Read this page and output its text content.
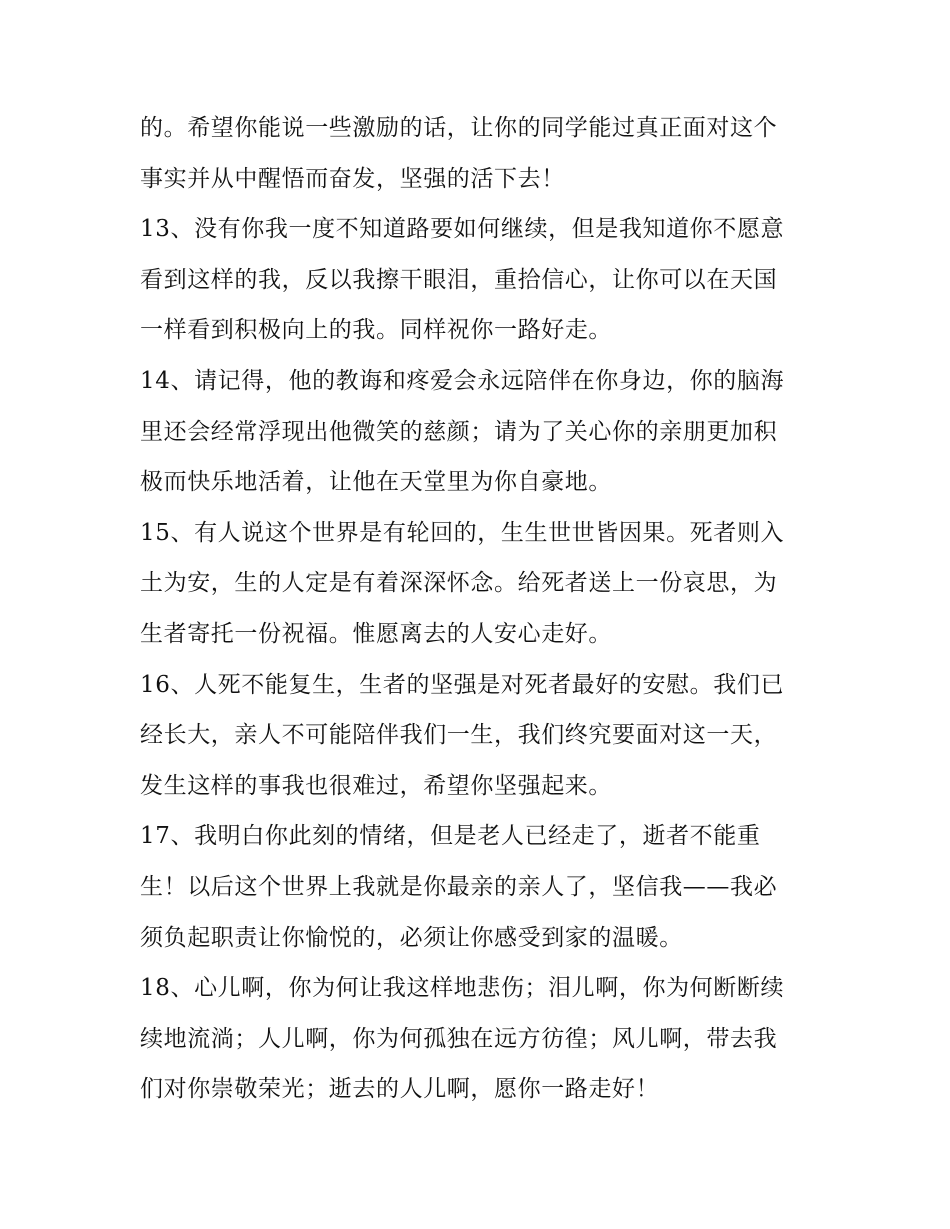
的。希望你能说一些激励的话，让你的同学能过真正面对这个
事实并从中醒悟而奋发，坚强的活下去！
13、没有你我一度不知道路要如何继续，但是我知道你不愿意
看到这样的我，反以我擦干眼泪，重拾信心，让你可以在天国
一样看到积极向上的我。同样祝你一路好走。
14、请记得，他的教诲和疼爱会永远陪伴在你身边，你的脑海
里还会经常浮现出他微笑的慈颜；请为了关心你的亲朋更加积
极而快乐地活着，让他在天堂里为你自豪地。
15、有人说这个世界是有轮回的，生生世世皆因果。死者则入
土为安，生的人定是有着深深怀念。给死者送上一份哀思，为
生者寄托一份祝福。惟愿离去的人安心走好。
16、人死不能复生，生者的坚强是对死者最好的安慰。我们已
经长大，亲人不可能陪伴我们一生，我们终究要面对这一天，
发生这样的事我也很难过，希望你坚强起来。
17、我明白你此刻的情绪，但是老人已经走了，逝者不能重
生！以后这个世界上我就是你最亲的亲人了，坚信我——我必
须负起职责让你愉悦的，必须让你感受到家的温暖。
18、心儿啊，你为何让我这样地悲伤；泪儿啊，你为何断断续
续地流淌；人儿啊，你为何孤独在远方彷徨；风儿啊，带去我
们对你崇敬荣光；逝去的人儿啊，愿你一路走好！
